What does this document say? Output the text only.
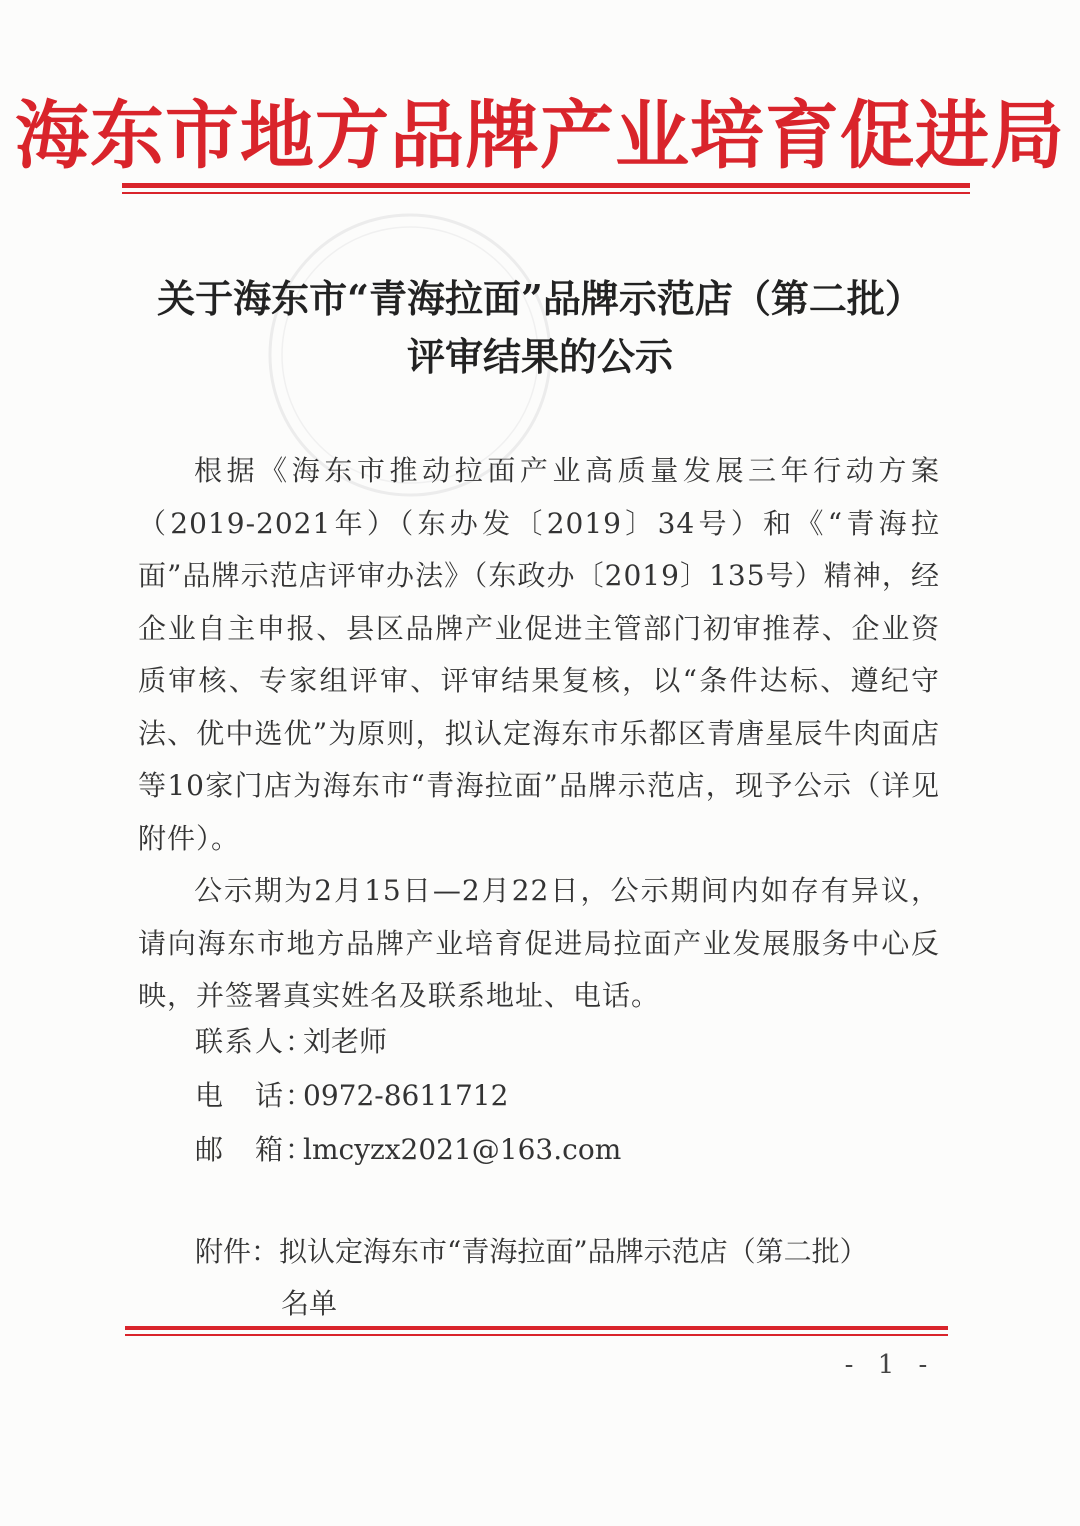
海东市地方品牌产业培育促进局
关于海东市“青海拉面”品牌示范店（第二批）
评审结果的公示

根据《海东市推动拉面产业高质量发展三年行动方案（2019-2021年）（东办发〔2019〕34号）和《“青海拉面”品牌示范店评审办法》（东政办〔2019〕135号）精神，经企业自主申报、县区品牌产业促进主管部门初审推荐、企业资质审核、专家组评审、评审结果复核，以“条件达标、遵纪守法、优中选优”为原则，拟认定海东市乐都区青唐星辰牛肉面店等10家门店为海东市“青海拉面”品牌示范店，现予公示（详见附件）。

公示期为2月15日—2月22日，公示期间内如存有异议，请向海东市地方品牌产业培育促进局拉面产业发展服务中心反映，并签署真实姓名及联系地址、电话。

联系人：刘老师
电　话：0972-8611712
邮　箱：lmcyzx2021@163.com
附件：拟认定海东市“青海拉面”品牌示范店（第二批）
名单
- 1 -
